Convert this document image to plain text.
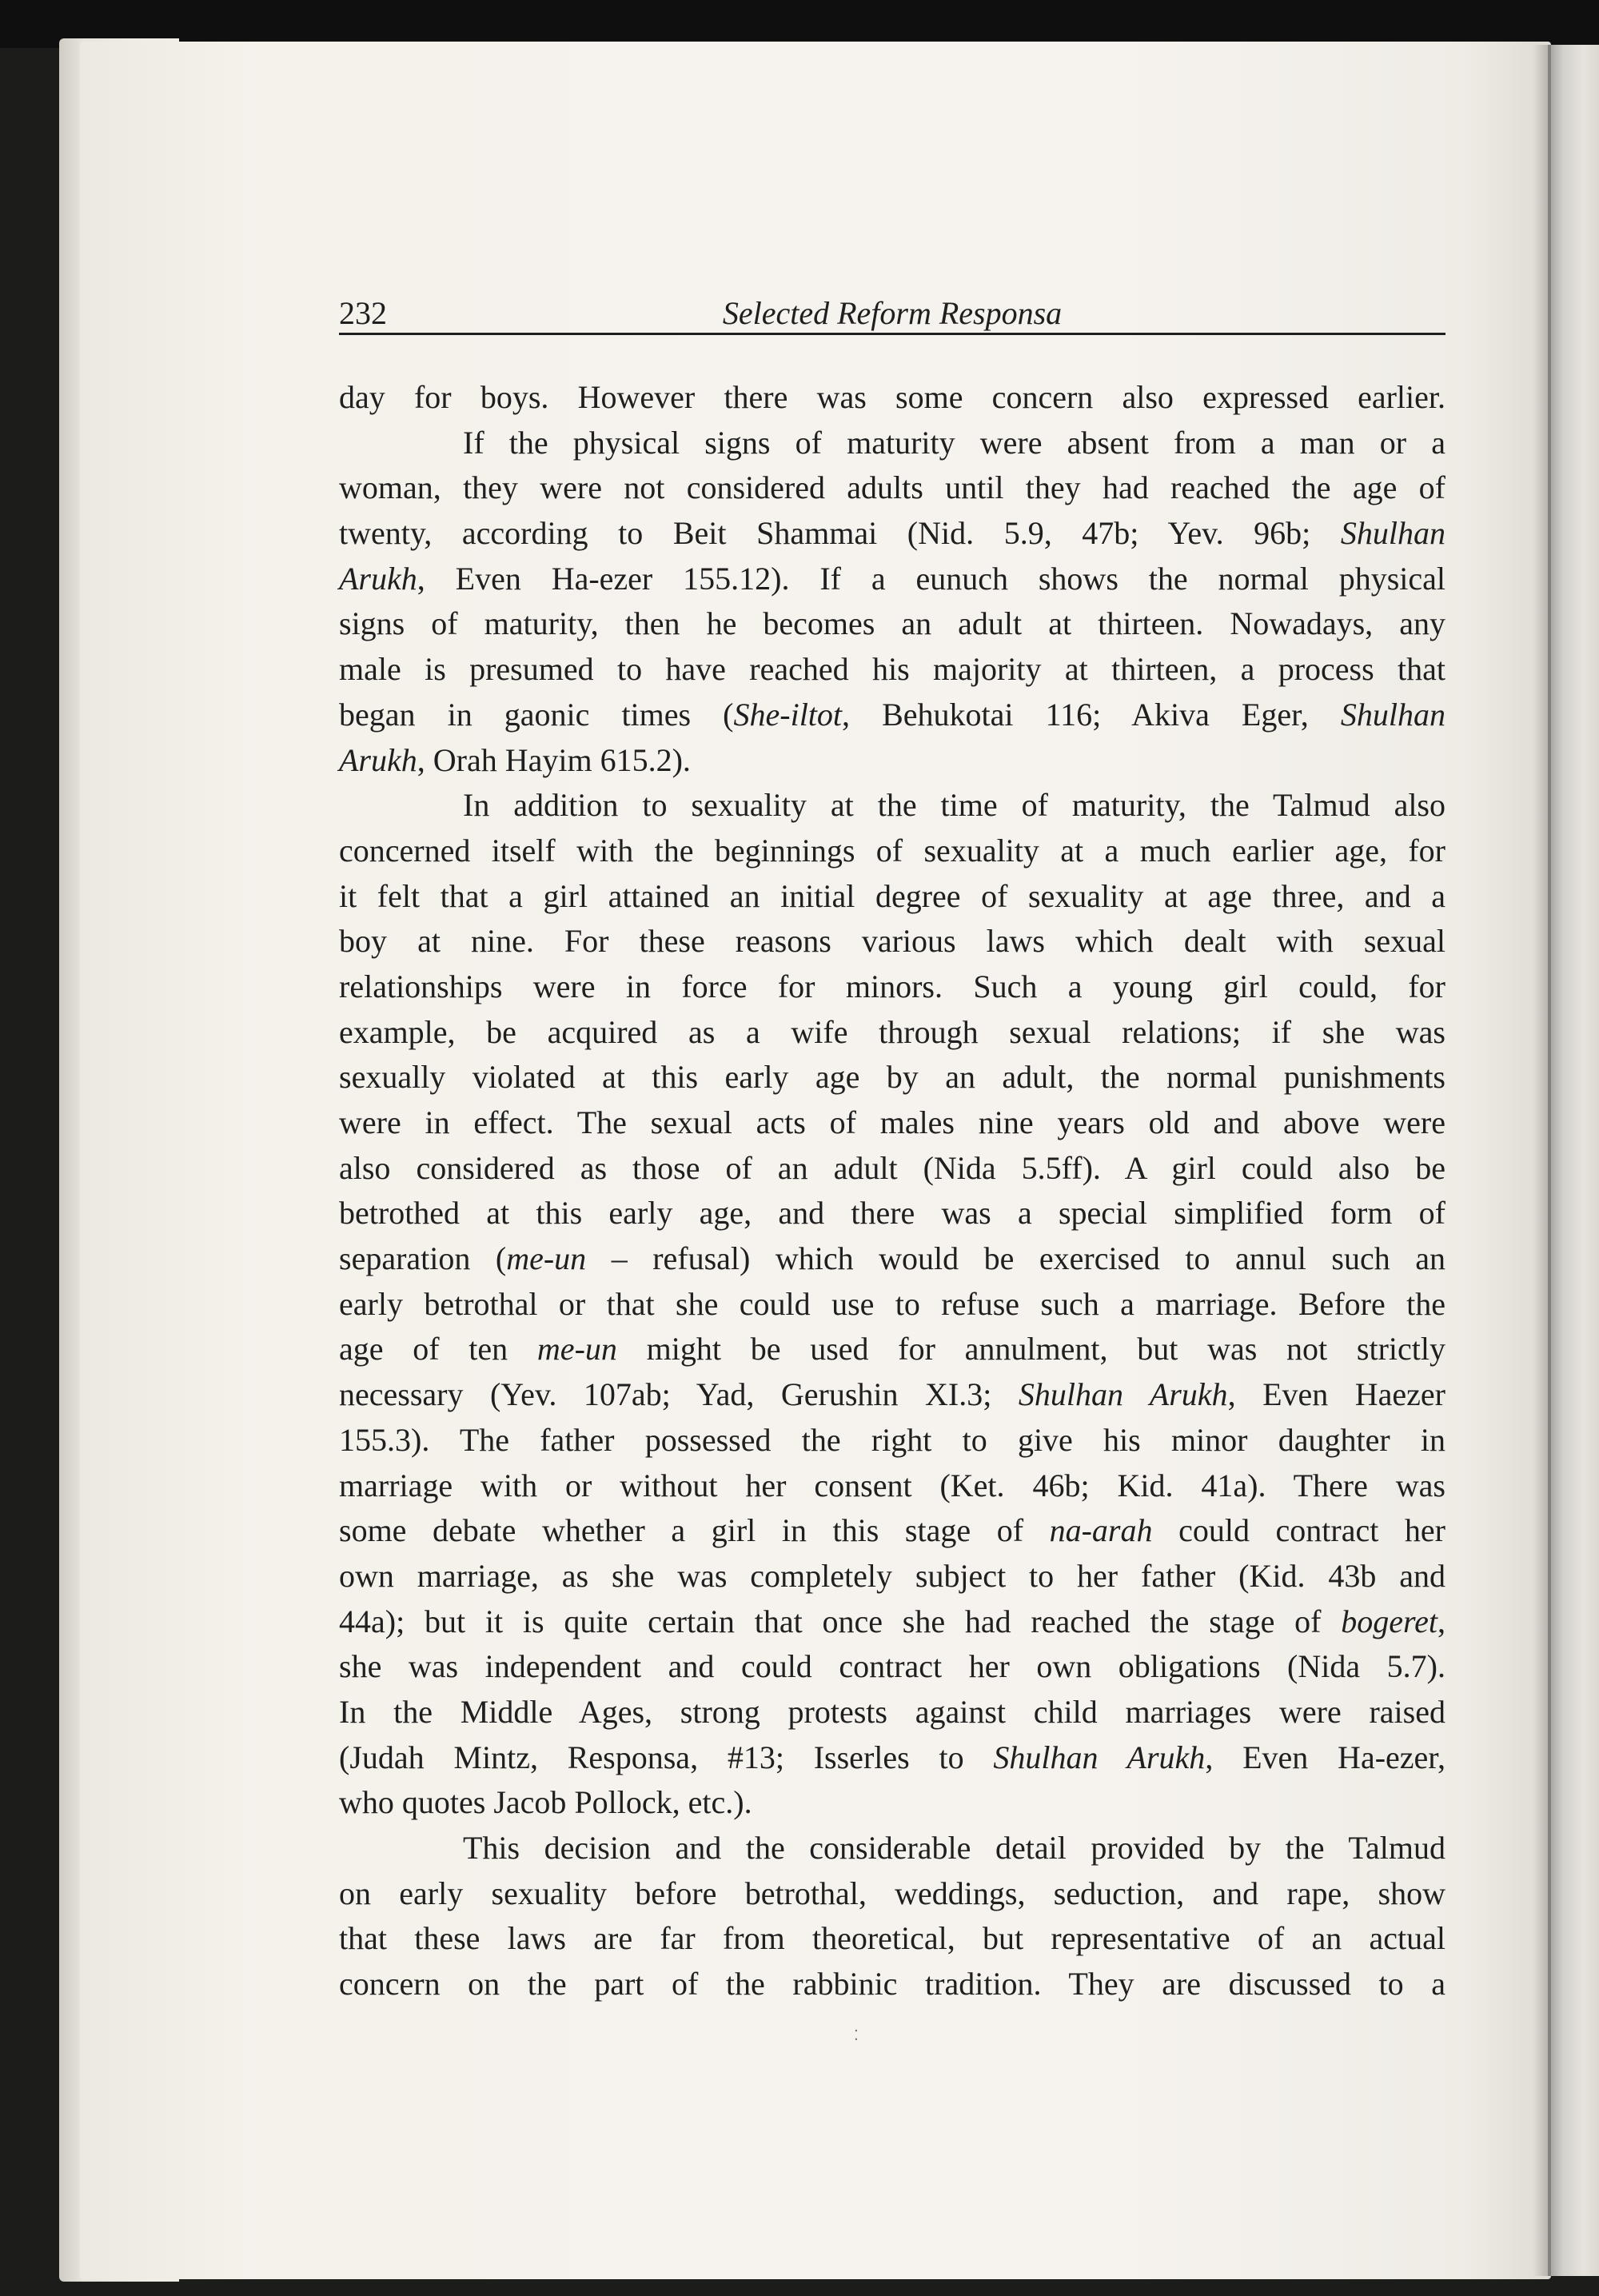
232	Selected Reform Responsa
day for boys. However there was some concern also expressed earlier.
If the physical signs of maturity were absent from a man or a
woman, they were not considered adults until they had reached the age of
twenty, according to Beit Shammai (Nid. 5.9, 47b; Yev. 96b; Shulhan
Arukh, Even Ha-ezer 155.12). If a eunuch shows the normal physical
signs of maturity, then he becomes an adult at thirteen. Nowadays, any
male is presumed to have reached his majority at thirteen, a process that
began in gaonic times (She-iltot, Behukotai 116; Akiva Eger, Shulhan
Arukh, Orah Hayim 615.2).
In addition to sexuality at the time of maturity, the Talmud also
concerned itself with the beginnings of sexuality at a much earlier age, for
it felt that a girl attained an initial degree of sexuality at age three, and a
boy at nine. For these reasons various laws which dealt with sexual
relationships were in force for minors. Such a young girl could, for
example, be acquired as a wife through sexual relations; if she was
sexually violated at this early age by an adult, the normal punishments
were in effect. The sexual acts of males nine years old and above were
also considered as those of an adult (Nida 5.5ff). A girl could also be
betrothed at this early age, and there was a special simplified form of
separation (me-un – refusal) which would be exercised to annul such an
early betrothal or that she could use to refuse such a marriage. Before the
age of ten me-un might be used for annulment, but was not strictly
necessary (Yev. 107ab; Yad, Gerushin XI.3; Shulhan Arukh, Even Haezer
155.3). The father possessed the right to give his minor daughter in
marriage with or without her consent (Ket. 46b; Kid. 41a). There was
some debate whether a girl in this stage of na-arah could contract her
own marriage, as she was completely subject to her father (Kid. 43b and
44a); but it is quite certain that once she had reached the stage of bogeret,
she was independent and could contract her own obligations (Nida 5.7).
In the Middle Ages, strong protests against child marriages were raised
(Judah Mintz, Responsa, #13; Isserles to Shulhan Arukh, Even Ha-ezer,
who quotes Jacob Pollock, etc.).
This decision and the considerable detail provided by the Talmud
on early sexuality before betrothal, weddings, seduction, and rape, show
that these laws are far from theoretical, but representative of an actual
concern on the part of the rabbinic tradition. They are discussed to a
⁚
